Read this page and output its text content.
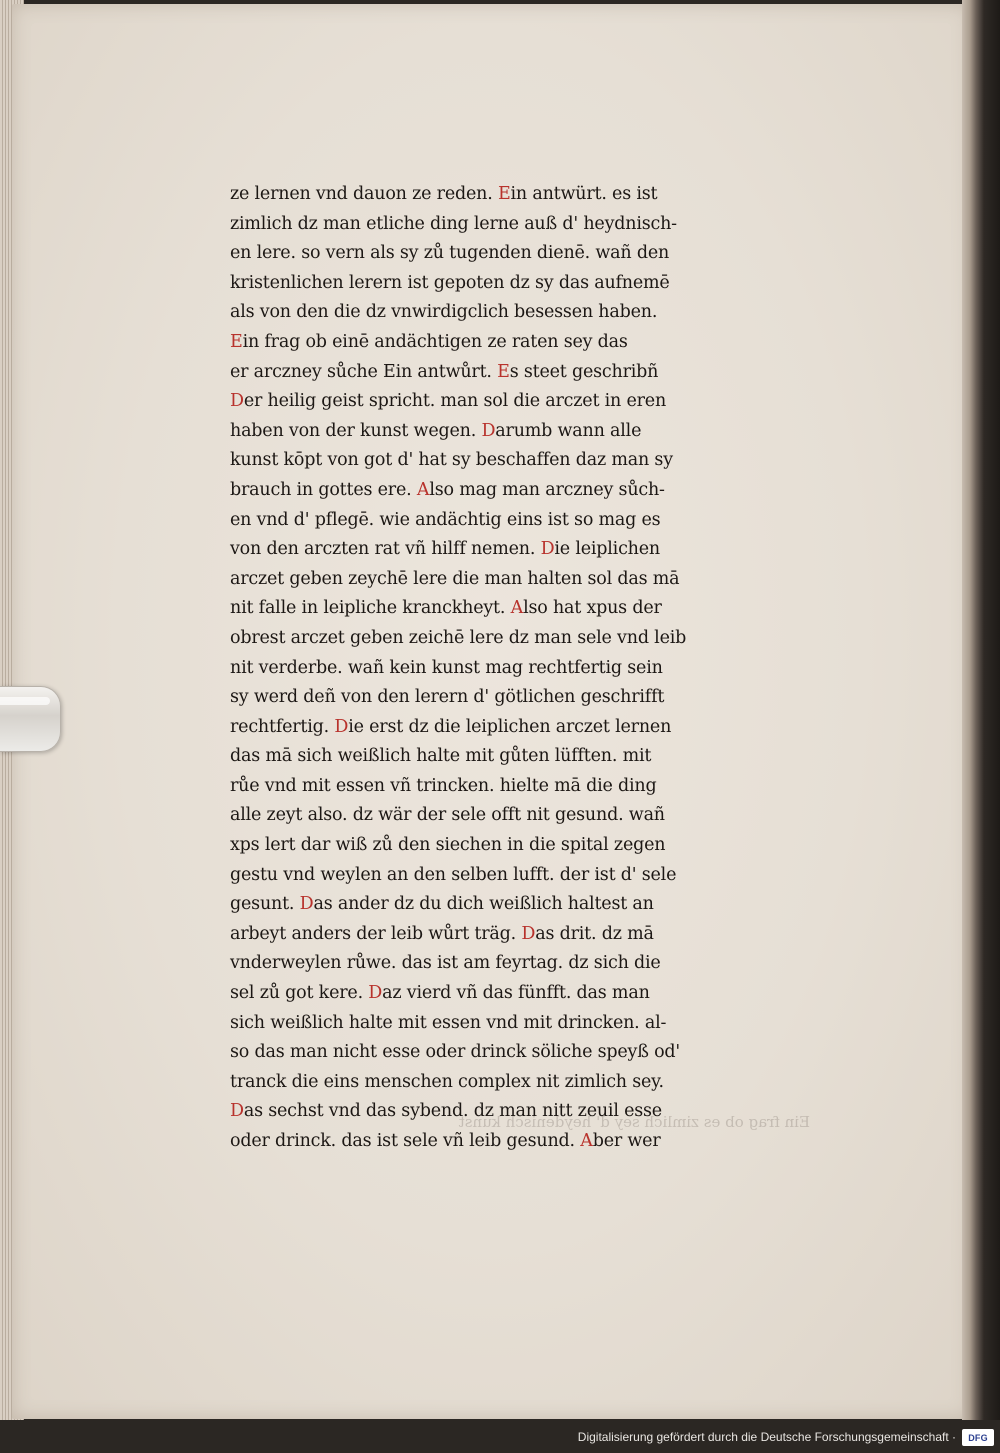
ze lernen vnd dauon ze reden. Ein antwürt. es ist
zimlich dz man etliche ding lerne auß d' heydnisch-
en lere. so vern als sy zů tugenden dienē. wañ den
kristenlichen lerern ist gepoten dz sy das aufnemē
als von den die dz vnwirdigclich besessen haben.
Ein frag ob einē andächtigen ze raten sey das
er arczney sůche Ein antwůrt. Es steet geschribñ
Der heilig geist spricht. man sol die arczet in eren
haben von der kunst wegen. Darumb wann alle
kunst kōpt von got d' hat sy beschaffen daz man sy
brauch in gottes ere. Also mag man arczney sůch-
en vnd d' pflegē. wie andächtig eins ist so mag es
von den arczten rat vñ hilff nemen. Die leiplichen
arczet geben zeychē lere die man halten sol das mā
nit falle in leipliche kranckheyt. Also hat xpus der
obrest arczet geben zeichē lere dz man sele vnd leib
nit verderbe. wañ kein kunst mag rechtfertig sein
sy werd deñ von den lerern d' götlichen geschrifft
rechtfertig. Die erst dz die leiplichen arczet lernen
das mā sich weißlich halte mit gůten lüfften. mit
růe vnd mit essen vñ trincken. hielte mā die ding
alle zeyt also. dz wär der sele offt nit gesund. wañ
xps lert dar wiß zů den siechen in die spital zegen
gestu vnd weylen an den selben lufft. der ist d' sele
gesunt. Das ander dz du dich weißlich haltest an
arbeyt anders der leib wůrt träg. Das drit. dz mā
vnderweylen růwe. das ist am feyrtag. dz sich die
sel zů got kere. Daz vierd vñ das fünfft. das man
sich weißlich halte mit essen vnd mit drincken. al-
so das man nicht esse oder drinck söliche speyß od'
tranck die eins menschen complex nit zimlich sey.
Das sechst vnd das sybend. dz man nitt zeuil esse
oder drinck. das ist sele vñ leib gesund. Aber wer
Ein frag ob es zimlich sey d' heydenisch kunst
Digitalisierung gefördert durch die Deutsche Forschungsgemeinschaft · DFG
